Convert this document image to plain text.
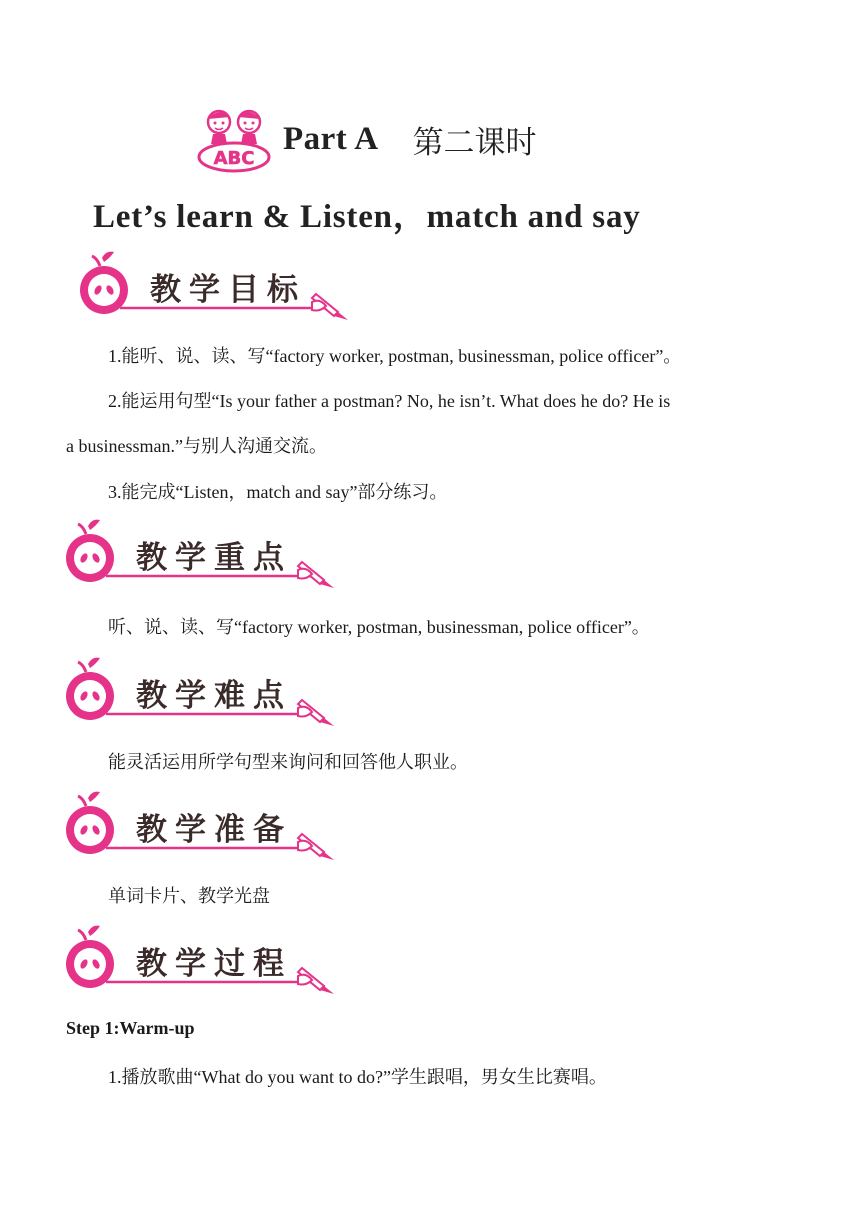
ABC
Part A 第二课时
Let’s learn & Listen，match and say
教学目标
1.能听、说、读、写“factory worker, postman, businessman, police officer”。
2.能运用句型“Is your father a postman? No, he isn’t. What does he do? He is
a businessman.”与别人沟通交流。
3.能完成“Listen，match and say”部分练习。
教学重点
听、说、读、写“factory worker, postman, businessman, police officer”。
教学难点
能灵活运用所学句型来询问和回答他人职业。
教学准备
单词卡片、教学光盘
教学过程
Step 1:Warm-up
1.播放歌曲“What do you want to do?”学生跟唱，男女生比赛唱。
